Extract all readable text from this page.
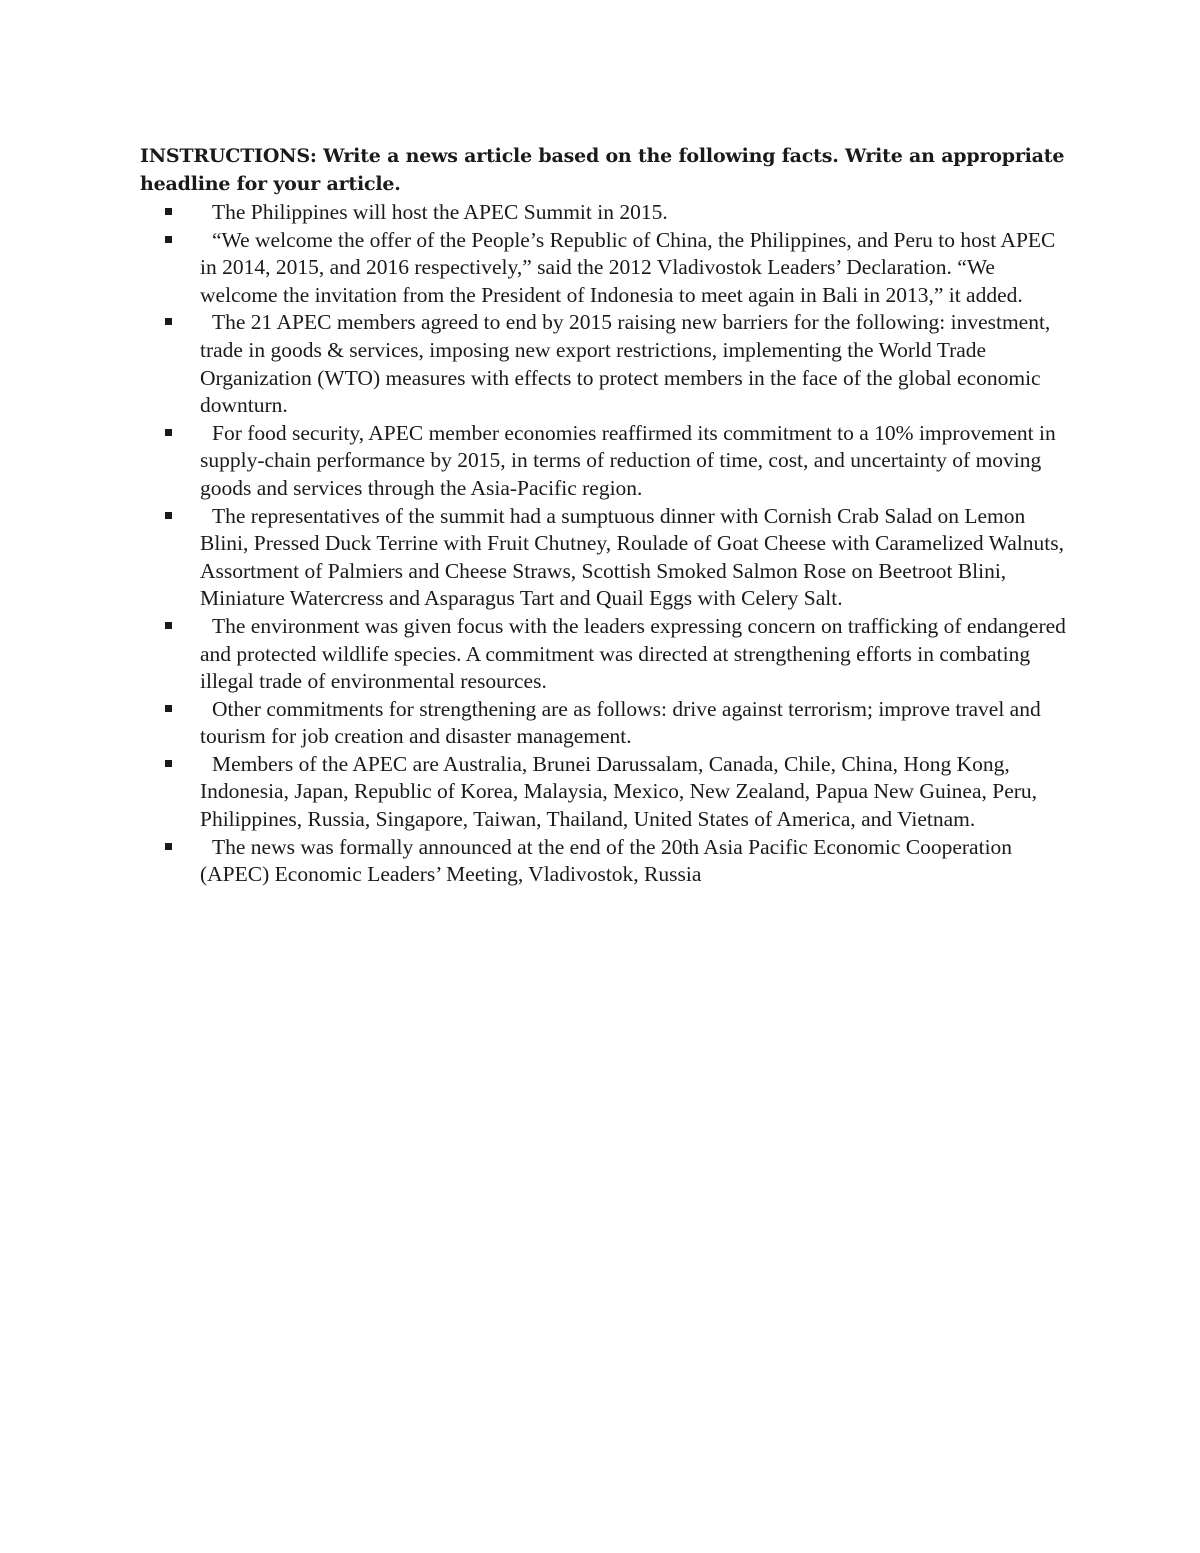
INSTRUCTIONS: Write a news article based on the following facts. Write an appropriate headline for your article.

The Philippines will host the APEC Summit in 2015.
“We welcome the offer of the People’s Republic of China, the Philippines, and Peru to host APEC in 2014, 2015, and 2016 respectively,” said the 2012 Vladivostok Leaders’ Declaration. “We welcome the invitation from the President of Indonesia to meet again in Bali in 2013,” it added.
The 21 APEC members agreed to end by 2015 raising new barriers for the following: investment, trade in goods & services, imposing new export restrictions, implementing the World Trade Organization (WTO) measures with effects to protect members in the face of the global economic downturn.
For food security, APEC member economies reaffirmed its commitment to a 10% improvement in supply-chain performance by 2015, in terms of reduction of time, cost, and uncertainty of moving goods and services through the Asia-Pacific region.
The representatives of the summit had a sumptuous dinner with Cornish Crab Salad on Lemon Blini, Pressed Duck Terrine with Fruit Chutney, Roulade of Goat Cheese with Caramelized Walnuts, Assortment of Palmiers and Cheese Straws, Scottish Smoked Salmon Rose on Beetroot Blini, Miniature Watercress and Asparagus Tart and Quail Eggs with Celery Salt.
The environment was given focus with the leaders expressing concern on trafficking of endangered and protected wildlife species. A commitment was directed at strengthening efforts in combating illegal trade of environmental resources.
Other commitments for strengthening are as follows: drive against terrorism; improve travel and tourism for job creation and disaster management.
Members of the APEC are Australia, Brunei Darussalam, Canada, Chile, China, Hong Kong, Indonesia, Japan, Republic of Korea, Malaysia, Mexico, New Zealand, Papua New Guinea, Peru, Philippines, Russia, Singapore, Taiwan, Thailand, United States of America, and Vietnam.
The news was formally announced at the end of the 20th Asia Pacific Economic Cooperation (APEC) Economic Leaders’ Meeting, Vladivostok, Russia
